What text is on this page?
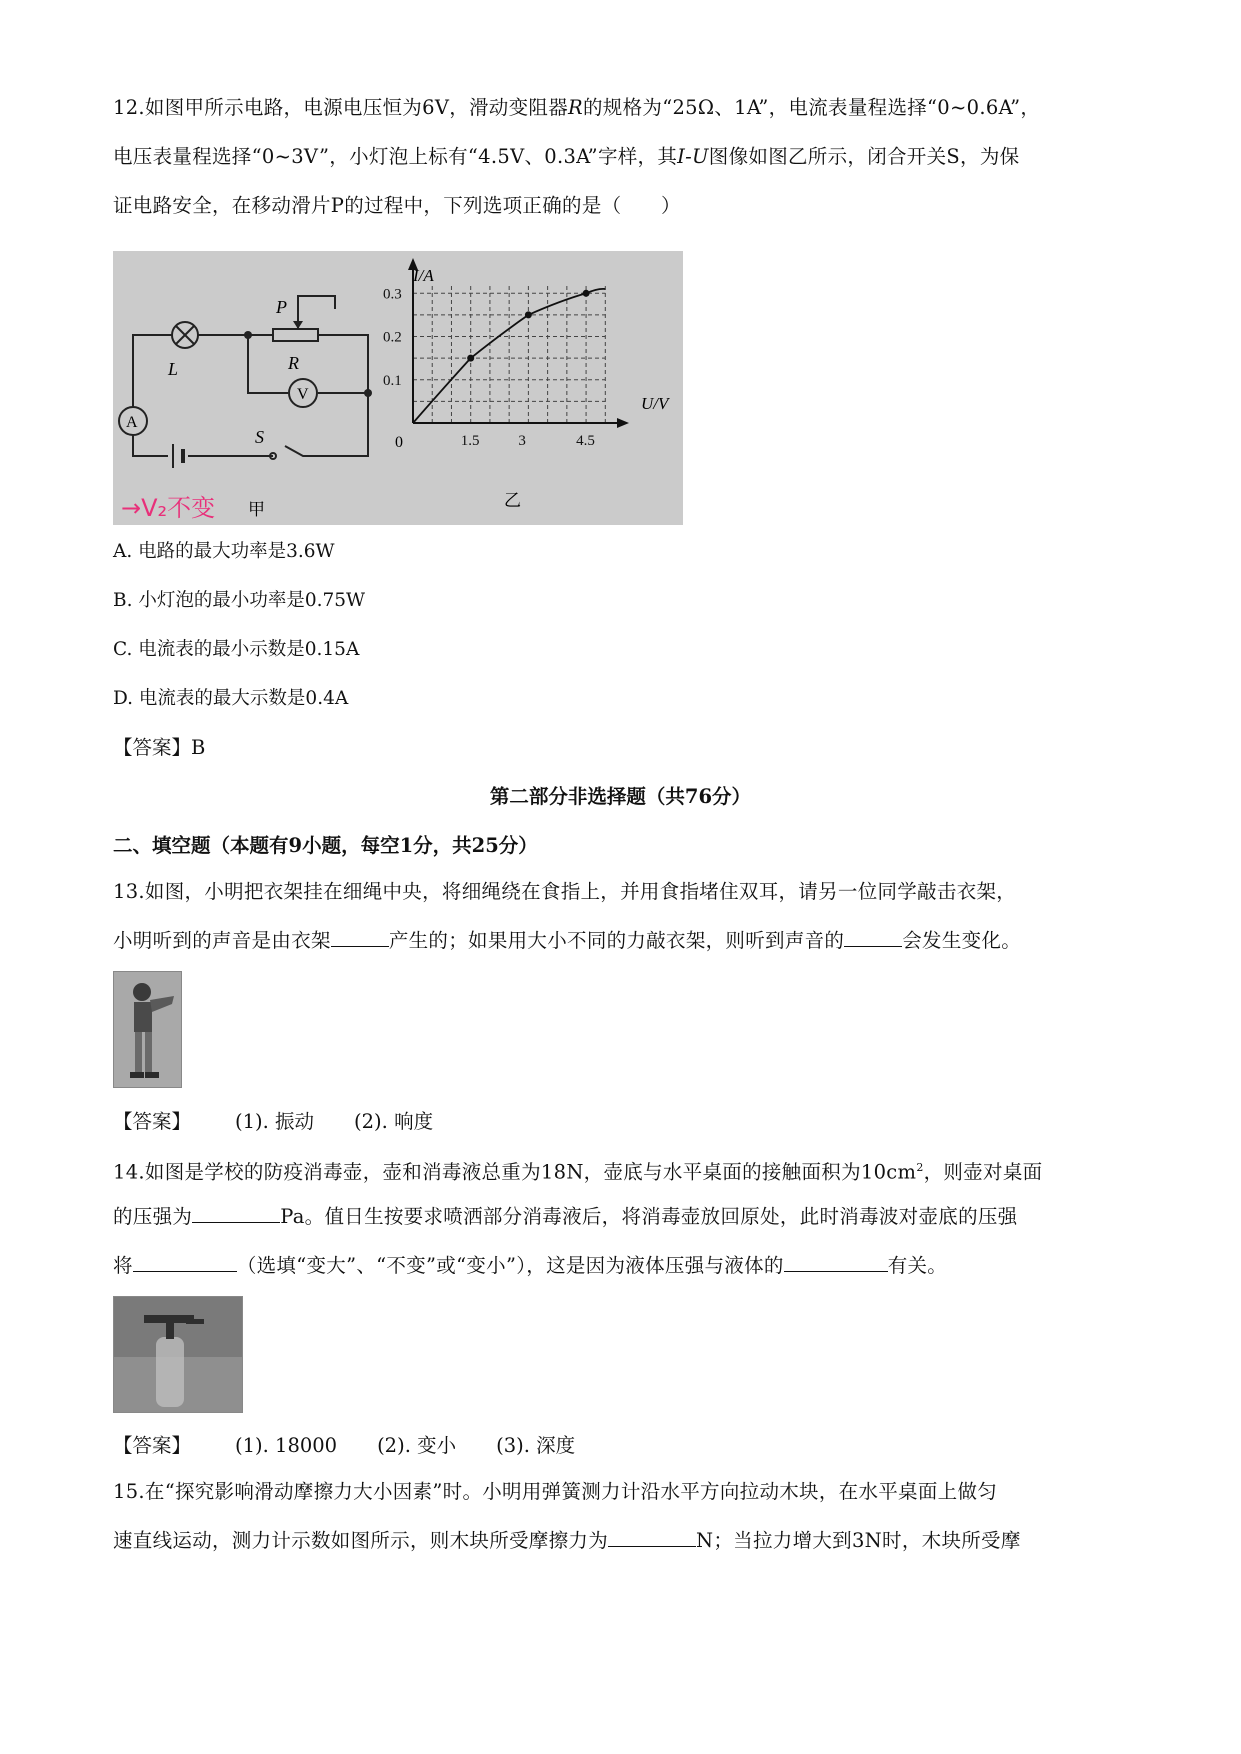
12.如图甲所示电路，电源电压恒为6V，滑动变阻器R的规格为“25Ω、1A”，电流表量程选择“0~0.6A”，
电压表量程选择“0~3V”，小灯泡上标有“4.5V、0.3A”字样，其I-U图像如图乙所示，闭合开关S，为保
证电路安全，在移动滑片P的过程中，下列选项正确的是（　　）
L
P
R
V
A
S
→V₂不变 甲
1.5	3	4.5
0.1
0.2
0.3
I/A
U/V
0
乙
A. 电路的最大功率是3.6W
B. 小灯泡的最小功率是0.75W
C. 电流表的最小示数是0.15A
D. 电流表的最大示数是0.4A
【答案】B
第二部分非选择题（共76分）
二、填空题（本题有9小题，每空1分，共25分）
13.如图，小明把衣架挂在细绳中央，将细绳绕在食指上，并用食指堵住双耳，请另一位同学敲击衣架，
小明听到的声音是由衣架	产生的；如果用大小不同的力敲衣架，则听到声音的	会发生变化。
【答案】 (1). 振动 (2). 响度
14.如图是学校的防疫消毒壶，壶和消毒液总重为18N，壶底与水平桌面的接触面积为$10cm^2$，则壶对桌面
的压强为	Pa。值日生按要求喷洒部分消毒液后，将消毒壶放回原处，此时消毒波对壶底的压强
将	（选填“变大”、“不变”或“变小”），这是因为液体压强与液体的	有关。
【答案】 (1). 18000 (2). 变小 (3). 深度
15.在“探究影响滑动摩擦力大小因素”时。小明用弹簧测力计沿水平方向拉动木块，在水平桌面上做匀
速直线运动，测力计示数如图所示，则木块所受摩擦力为	N；当拉力增大到3N时，木块所受摩
